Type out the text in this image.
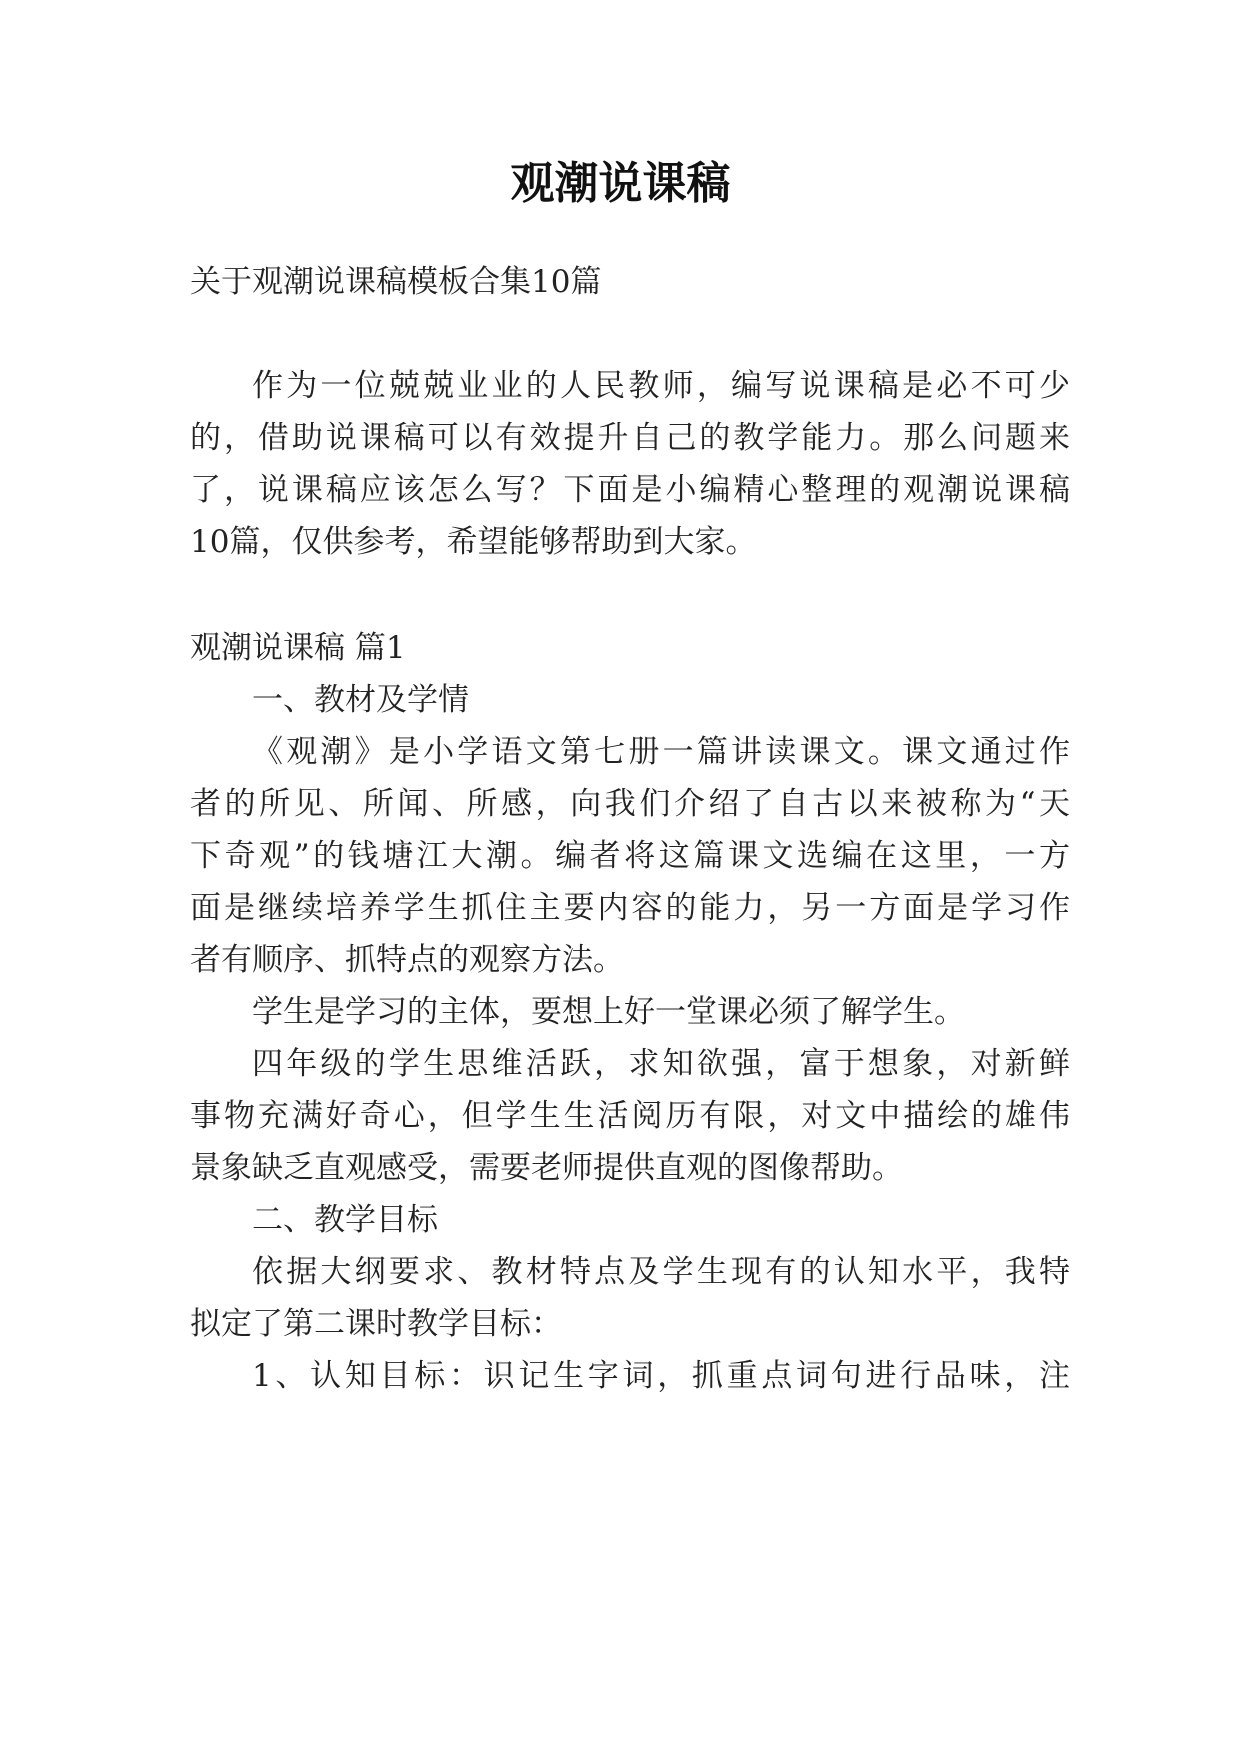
观潮说课稿

关于观潮说课稿模板合集10篇

作为一位兢兢业业的人民教师，编写说课稿是必不可少

的，借助说课稿可以有效提升自己的教学能力。那么问题来

了，说课稿应该怎么写？下面是小编精心整理的观潮说课稿

10篇，仅供参考，希望能够帮助到大家。

观潮说课稿 篇1

一、教材及学情

《观潮》是小学语文第七册一篇讲读课文。课文通过作

者的所见、所闻、所感，向我们介绍了自古以来被称为“天

下奇观”的钱塘江大潮。编者将这篇课文选编在这里，一方

面是继续培养学生抓住主要内容的能力，另一方面是学习作

者有顺序、抓特点的观察方法。

学生是学习的主体，要想上好一堂课必须了解学生。

四年级的学生思维活跃，求知欲强，富于想象，对新鲜

事物充满好奇心，但学生生活阅历有限，对文中描绘的雄伟

景象缺乏直观感受，需要老师提供直观的图像帮助。

二、教学目标

依据大纲要求、教材特点及学生现有的认知水平，我特

拟定了第二课时教学目标：

1、认知目标：识记生字词，抓重点词句进行品味，注
